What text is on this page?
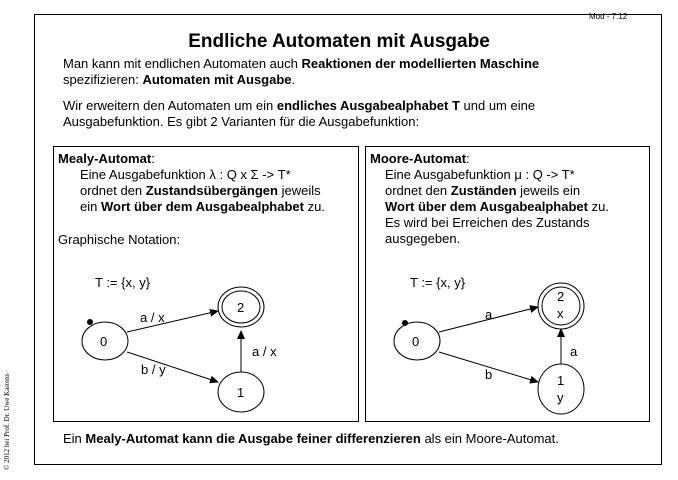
Mod - 7.12
© 2012 bei Prof. Dr. Uwe Kastens
Endliche Automaten mit Ausgabe
Man kann mit endlichen Automaten auch Reaktionen der modellierten Maschine
spezifizieren: Automaten mit Ausgabe.
Wir erweitern den Automaten um ein endliches Ausgabealphabet T und um eine
Ausgabefunktion. Es gibt 2 Varianten für die Ausgabefunktion:
Mealy-Automat:
Eine Ausgabefunktion λ : Q x Σ -> T*
ordnet den Zustandsübergängen jeweils
ein Wort über dem Ausgabealphabet zu.
Graphische Notation:
Moore-Automat:
Eine Ausgabefunktion μ : Q -> T*
ordnet den Zuständen jeweils ein
Wort über dem Ausgabealphabet zu.
Es wird bei Erreichen des Zustands
ausgegeben.
T := {x, y}
0
2
1
a / x
a / x
b / y
T := {x, y}
0
2
x
1
y
a
a
b
Ein Mealy-Automat kann die Ausgabe feiner differenzieren als ein Moore-Automat.
